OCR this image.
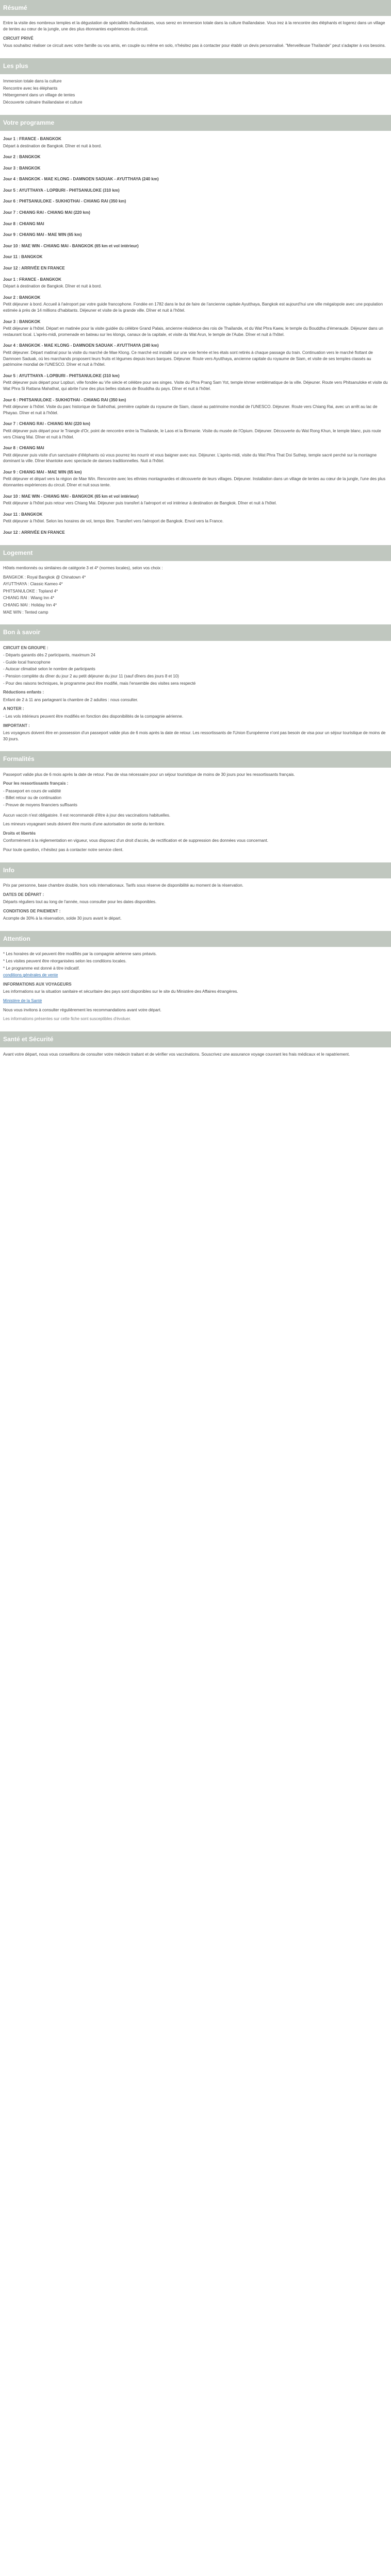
Résumé

Entre la visite des nombreux temples et la dégustation de spécialités thaïlandaises, vous serez en immersion totale dans la culture thaïlandaise. Vous irez à la rencontre des éléphants et logerez dans un village de tentes au cœur de la jungle, une des plus étonnantes expériences du circuit.

CIRCUIT PRIVÉ

Vous souhaitez réaliser ce circuit avec votre famille ou vos amis, en couple ou même en solo, n'hésitez pas à contacter pour établir un devis personnalisé. "Merveilleuse Thaïlande" peut s'adapter à vos besoins.

Les plus
Immersion totale dans la culture
Rencontre avec les éléphants
Hébergement dans un village de tentes
Découverte culinaire thaïlandaise et culture
Votre programme
Jour 1 : FRANCE - BANGKOK

Départ à destination de Bangkok. Dîner et nuit à bord.

Jour 2 : BANGKOK
Jour 3 : BANGKOK
Jour 4 : BANGKOK - MAE KLONG - DAMNOEN SADUAK - AYUTTHAYA (240 km)
Jour 5 : AYUTTHAYA - LOPBURI - PHITSANULOKE (310 km)
Jour 6 : PHITSANULOKE - SUKHOTHAI - CHIANG RAI (350 km)
Jour 7 : CHIANG RAI - CHIANG MAI (220 km)
Jour 8 : CHIANG MAI
Jour 9 : CHIANG MAI - MAE WIN (65 km)
Jour 10 : MAE WIN - CHIANG MAI - BANGKOK (65 km et vol intérieur)
Jour 11 : BANGKOK
Jour 12 : ARRIVÉE EN FRANCE
Jour 1 : FRANCE - BANGKOK

Départ à destination de Bangkok. Dîner et nuit à bord.

Jour 2 : BANGKOK

Petit déjeuner à bord. Accueil à l'aéroport par votre guide francophone. Fondée en 1782 dans le but de faire de l'ancienne capitale Ayutthaya, Bangkok est aujourd'hui une ville mégalopole avec une population estimée à près de 14 millions d'habitants. Déjeuner et visite de la grande ville. Dîner et nuit à l'hôtel.

Jour 3 : BANGKOK

Petit déjeuner à l'hôtel. Départ en matinée pour la visite guidée du célèbre Grand Palais, ancienne résidence des rois de Thaïlande, et du Wat Phra Kaew, le temple du Bouddha d'émeraude. Déjeuner dans un restaurant local. L'après-midi, promenade en bateau sur les klongs, canaux de la capitale, et visite du Wat Arun, le temple de l'Aube. Dîner et nuit à l'hôtel.

Jour 4 : BANGKOK - MAE KLONG - DAMNOEN SADUAK - AYUTTHAYA (240 km)

Petit déjeuner. Départ matinal pour la visite du marché de Mae Klong. Ce marché est installé sur une voie ferrée et les étals sont retirés à chaque passage du train. Continuation vers le marché flottant de Damnoen Saduak, où les marchands proposent leurs fruits et légumes depuis leurs barques. Déjeuner. Route vers Ayutthaya, ancienne capitale du royaume de Siam, et visite de ses temples classés au patrimoine mondial de l'UNESCO. Dîner et nuit à l'hôtel.

Jour 5 : AYUTTHAYA - LOPBURI - PHITSANULOKE (310 km)

Petit déjeuner puis départ pour Lopburi, ville fondée au VIe siècle et célèbre pour ses singes. Visite du Phra Prang Sam Yot, temple khmer emblématique de la ville. Déjeuner. Route vers Phitsanuloke et visite du Wat Phra Si Rattana Mahathat, qui abrite l'une des plus belles statues de Bouddha du pays. Dîner et nuit à l'hôtel.

Jour 6 : PHITSANULOKE - SUKHOTHAI - CHIANG RAI (350 km)

Petit déjeuner à l'hôtel. Visite du parc historique de Sukhothai, première capitale du royaume de Siam, classé au patrimoine mondial de l'UNESCO. Déjeuner. Route vers Chiang Rai, avec un arrêt au lac de Phayao. Dîner et nuit à l'hôtel.

Jour 7 : CHIANG RAI - CHIANG MAI (220 km)

Petit déjeuner puis départ pour le Triangle d'Or, point de rencontre entre la Thaïlande, le Laos et la Birmanie. Visite du musée de l'Opium. Déjeuner. Découverte du Wat Rong Khun, le temple blanc, puis route vers Chiang Mai. Dîner et nuit à l'hôtel.

Jour 8 : CHIANG MAI

Petit déjeuner puis visite d'un sanctuaire d'éléphants où vous pourrez les nourrir et vous baigner avec eux. Déjeuner. L'après-midi, visite du Wat Phra That Doi Suthep, temple sacré perché sur la montagne dominant la ville. Dîner khantoke avec spectacle de danses traditionnelles. Nuit à l'hôtel.

Jour 9 : CHIANG MAI - MAE WIN (65 km)

Petit déjeuner et départ vers la région de Mae Win. Rencontre avec les ethnies montagnardes et découverte de leurs villages. Déjeuner. Installation dans un village de tentes au cœur de la jungle, l'une des plus étonnantes expériences du circuit. Dîner et nuit sous tente.

Jour 10 : MAE WIN - CHIANG MAI - BANGKOK (65 km et vol intérieur)

Petit déjeuner à l'hôtel puis retour vers Chiang Mai. Déjeuner puis transfert à l'aéroport et vol intérieur à destination de Bangkok. Dîner et nuit à l'hôtel.

Jour 11 : BANGKOK

Petit déjeuner à l'hôtel. Selon les horaires de vol, temps libre. Transfert vers l'aéroport de Bangkok. Envol vers la France.

Jour 12 : ARRIVÉE EN FRANCE
Logement

Hôtels mentionnés ou similaires de catégorie 3 et 4* (normes locales), selon vos choix :

BANGKOK : Royal Bangkok @ Chinatown 4*
AYUTTHAYA : Classic Kameo 4*
PHITSANULOKE : Topland 4*
CHIANG RAI : Wiang Inn 4*
CHIANG MAI : Holiday Inn 4*
MAE WIN : Tented camp
Bon à savoir
CIRCUIT EN GROUPE :
- Départs garantis dès 2 participants, maximum 24
- Guide local francophone
- Autocar climatisé selon le nombre de participants
- Pension complète du dîner du jour 2 au petit déjeuner du jour 11 (sauf dîners des jours 8 et 10)
- Pour des raisons techniques, le programme peut être modifié, mais l'ensemble des visites sera respecté
Réductions enfants :

Enfant de 2 à 11 ans partageant la chambre de 2 adultes : nous consulter.

A NOTER :

- Les vols intérieurs peuvent être modifiés en fonction des disponibilités de la compagnie aérienne.

IMPORTANT :

Les voyageurs doivent être en possession d'un passeport valide plus de 6 mois après la date de retour. Les ressortissants de l'Union Européenne n'ont pas besoin de visa pour un séjour touristique de moins de 30 jours.

Formalités

Passeport valide plus de 6 mois après la date de retour. Pas de visa nécessaire pour un séjour touristique de moins de 30 jours pour les ressortissants français.

Pour les ressortissants français :
- Passeport en cours de validité
- Billet retour ou de continuation
- Preuve de moyens financiers suffisants

Aucun vaccin n'est obligatoire. Il est recommandé d'être à jour des vaccinations habituelles.

Les mineurs voyageant seuls doivent être munis d'une autorisation de sortie du territoire.

Droits et libertés

Conformément à la réglementation en vigueur, vous disposez d'un droit d'accès, de rectification et de suppression des données vous concernant.

Pour toute question, n'hésitez pas à contacter notre service client.

Info

Prix par personne, base chambre double, hors vols internationaux. Tarifs sous réserve de disponibilité au moment de la réservation.

DATES DE DÉPART :

Départs réguliers tout au long de l'année, nous consulter pour les dates disponibles.

CONDITIONS DE PAIEMENT :

Acompte de 30% à la réservation, solde 30 jours avant le départ.

Attention
* Les horaires de vol peuvent être modifiés par la compagnie aérienne sans préavis.
* Les visites peuvent être réorganisées selon les conditions locales.
* Le programme est donné à titre indicatif.

conditions générales de vente

INFORMATIONS AUX VOYAGEURS

Les informations sur la situation sanitaire et sécuritaire des pays sont disponibles sur le site du Ministère des Affaires étrangères.

Ministère de la Santé

Nous vous invitons à consulter régulièrement les recommandations avant votre départ.

Les informations présentes sur cette fiche sont susceptibles d'évoluer.

Santé et Sécurité

Avant votre départ, nous vous conseillons de consulter votre médecin traitant et de vérifier vos vaccinations. Souscrivez une assurance voyage couvrant les frais médicaux et le rapatriement.
